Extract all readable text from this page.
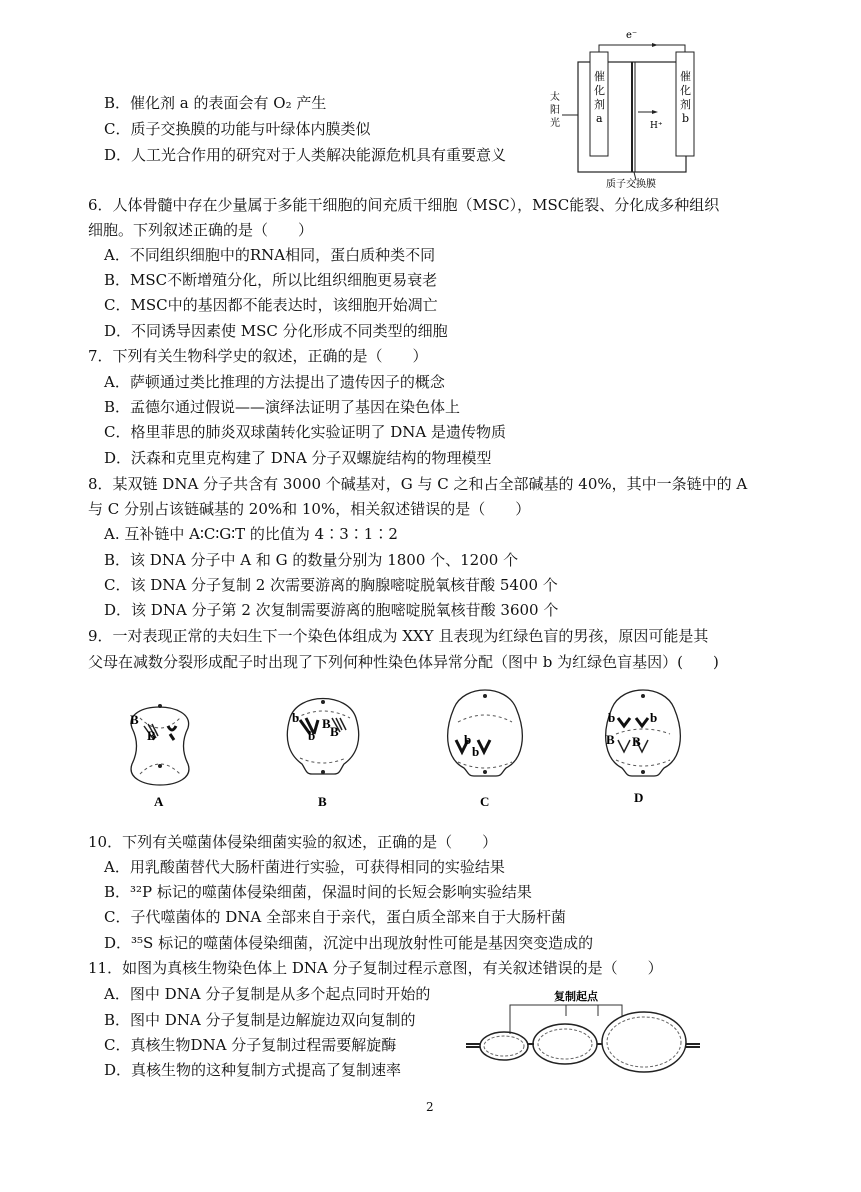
B．催化剂 a 的表面会有 O₂ 产生
C．质子交换膜的功能与叶绿体内膜类似
D．人工光合作用的研究对于人类解决能源危机具有重要意义
e⁻
太 阳 光
催 化 剂 a
催 化 剂 b
H⁺
质子交换膜
6．人体骨髓中存在少量属于多能干细胞的间充质干细胞（MSC），MSC能裂、分化成多种组织
细胞。下列叙述正确的是（　　）
A．不同组织细胞中的RNA相同，蛋白质种类不同
B．MSC不断增殖分化，所以比组织细胞更易衰老
C．MSC中的基因都不能表达时，该细胞开始凋亡
D．不同诱导因素使 MSC 分化形成不同类型的细胞
7．下列有关生物科学史的叙述，正确的是（　　）
A．萨顿通过类比推理的方法提出了遗传因子的概念
B．孟德尔通过假说——演绎法证明了基因在染色体上
C．格里菲思的肺炎双球菌转化实验证明了 DNA 是遗传物质
D．沃森和克里克构建了 DNA 分子双螺旋结构的物理模型
8．某双链 DNA 分子共含有 3000 个碱基对，G 与 C 之和占全部碱基的 40%，其中一条链中的 A
与 C 分别占该链碱基的 20%和 10%，相关叙述错误的是（　　）
A. 互补链中 A∶C∶G∶T 的比值为 4∶3∶1∶2
B．该 DNA 分子中 A 和 G 的数量分别为 1800 个、1200 个
C．该 DNA 分子复制 2 次需要游离的胸腺嘧啶脱氧核苷酸 5400 个
D．该 DNA 分子第 2 次复制需要游离的胞嘧啶脱氧核苷酸 3600 个
9．一对表现正常的夫妇生下一个染色体组成为 XXY 且表现为红绿色盲的男孩，原因可能是其
父母在减数分裂形成配子时出现了下列何种性染色体异常分配（图中 b 为红绿色盲基因）(　　)
B
B
A
b
b
B
B
B
b
b
C
b	b
B B
D
10．下列有关噬菌体侵染细菌实验的叙述，正确的是（　　）
A．用乳酸菌替代大肠杆菌进行实验，可获得相同的实验结果
B．³²P 标记的噬菌体侵染细菌，保温时间的长短会影响实验结果
C．子代噬菌体的 DNA 全部来自于亲代，蛋白质全部来自于大肠杆菌
D．³⁵S 标记的噬菌体侵染细菌，沉淀中出现放射性可能是基因突变造成的
11．如图为真核生物染色体上 DNA 分子复制过程示意图，有关叙述错误的是（　　）
A．图中 DNA 分子复制是从多个起点同时开始的
B．图中 DNA 分子复制是边解旋边双向复制的
C．真核生物DNA 分子复制过程需要解旋酶
D．真核生物的这种复制方式提高了复制速率
复制起点
2
